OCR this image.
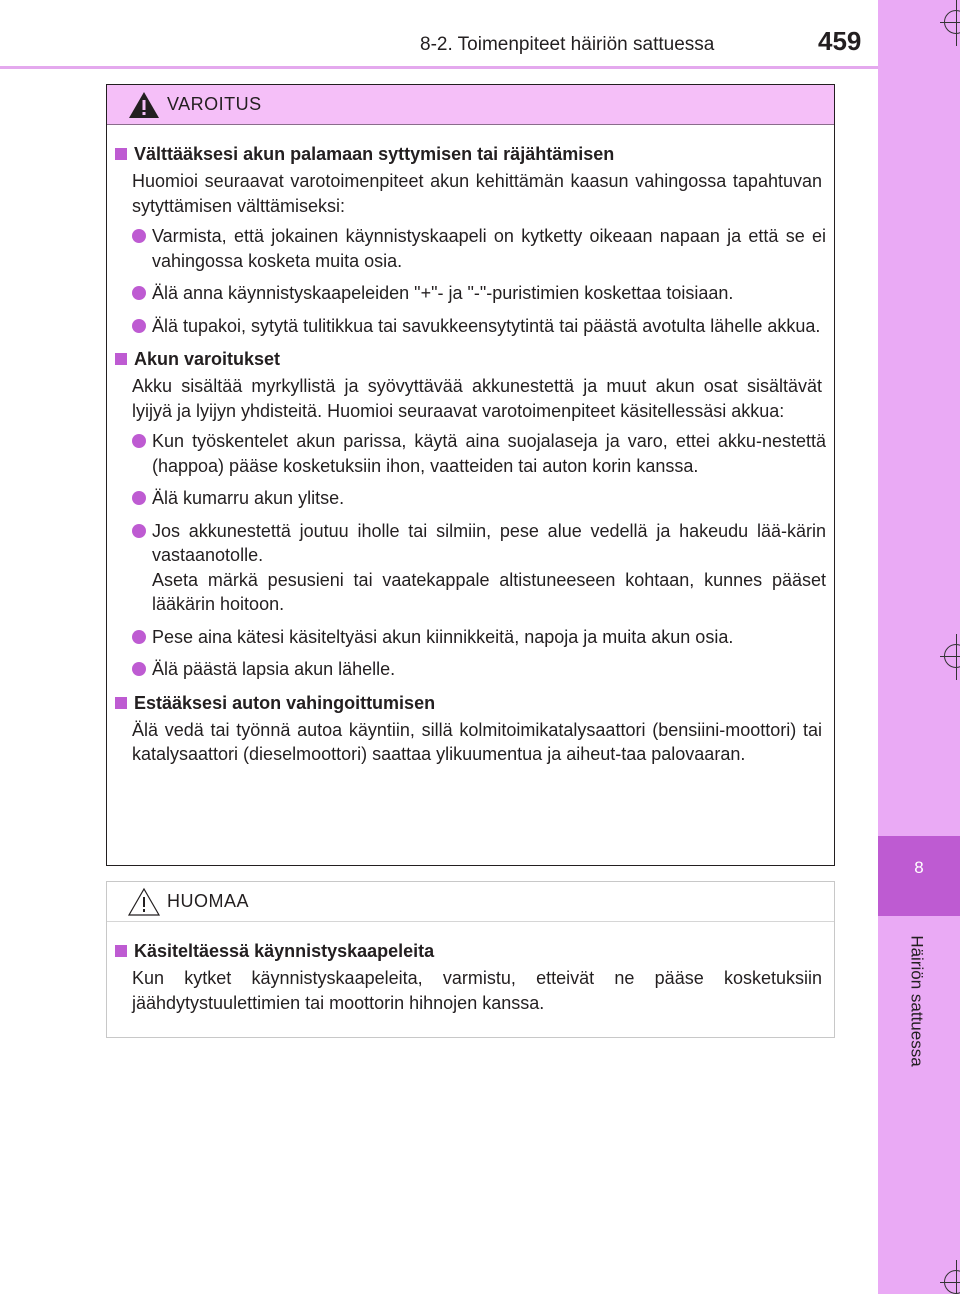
8-2. Toimenpiteet häiriön sattuessa	459
8
Häiriön sattuessa
VAROITUS
Välttääksesi akun palamaan syttymisen tai räjähtämisen
Huomioi seuraavat varotoimenpiteet akun kehittämän kaasun vahingossa tapahtuvan sytyttämisen välttämiseksi:
Varmista, että jokainen käynnistyskaapeli on kytketty oikeaan napaan ja että se ei vahingossa kosketa muita osia.
Älä anna käynnistyskaapeleiden "+"- ja "-"-puristimien koskettaa toisiaan.
Älä tupakoi, sytytä tulitikkua tai savukkeensytytintä tai päästä avotulta lähelle akkua.
Akun varoitukset
Akku sisältää myrkyllistä ja syövyttävää akkunestettä ja muut akun osat sisältävät lyijyä ja lyijyn yhdisteitä. Huomioi seuraavat varotoimenpiteet käsitellessäsi akkua:
Kun työskentelet akun parissa, käytä aina suojalaseja ja varo, ettei akku-nestettä (happoa) pääse kosketuksiin ihon, vaatteiden tai auton korin kanssa.
Älä kumarru akun ylitse.
Jos akkunestettä joutuu iholle tai silmiin, pese alue vedellä ja hakeudu lää-kärin vastaanotolle.
Aseta märkä pesusieni tai vaatekappale altistuneeseen kohtaan, kunnes pääset lääkärin hoitoon.
Pese aina kätesi käsiteltyäsi akun kiinnikkeitä, napoja ja muita akun osia.
Älä päästä lapsia akun lähelle.
Estääksesi auton vahingoittumisen
Älä vedä tai työnnä autoa käyntiin, sillä kolmitoimikatalysaattori (bensiini-moottori) tai katalysaattori (dieselmoottori) saattaa ylikuumentua ja aiheut-taa palovaaran.
HUOMAA
Käsiteltäessä käynnistyskaapeleita
Kun kytket käynnistyskaapeleita, varmistu, etteivät ne pääse kosketuksiin jäähdytystuulettimien tai moottorin hihnojen kanssa.
